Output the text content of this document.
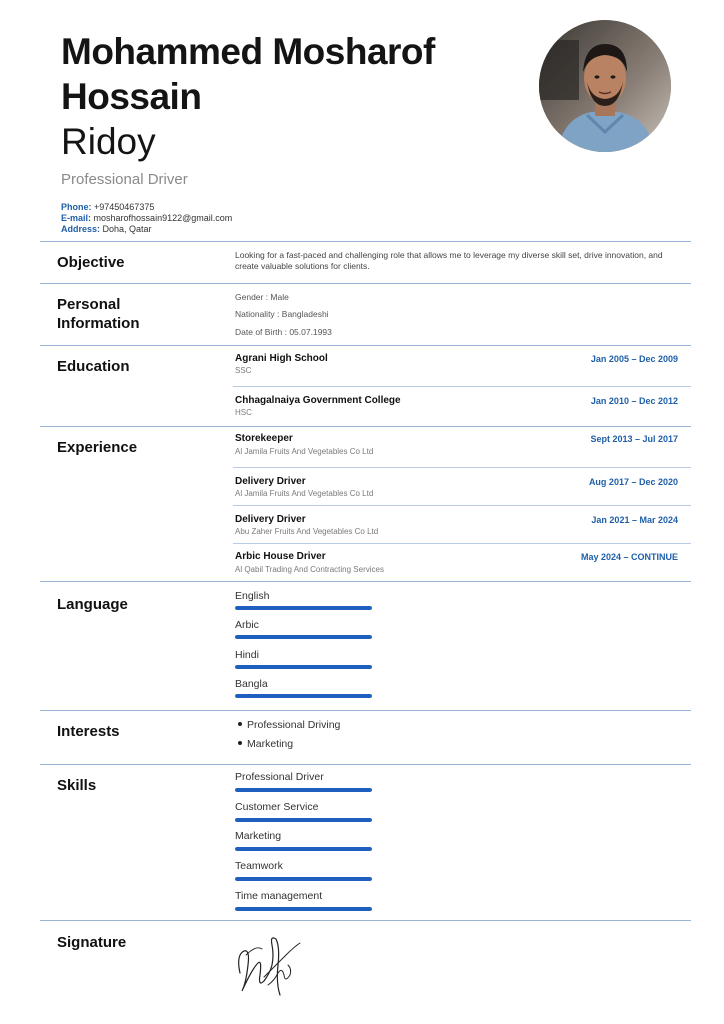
Mohammed Mosharof
Hossain
Ridoy
Professional Driver
Phone: +97450467375
E-mail: mosharofhossain9122@gmail.com
Address: Doha, Qatar
Objective	Looking for a fast-paced and challenging role that allows me to leverage my diverse skill set, drive innovation, and create valuable solutions for clients.
Personal Information
Gender : Male
Nationality : Bangladeshi
Date of Birth : 05.07.1993
Education	Agrani High School
SSC
Jan 2005 – Dec 2009
Chhagalnaiya Government College
HSC
Jan 2010 – Dec 2012
Experience
Storekeeper
Al Jamila Fruits And Vegetables Co Ltd
Sept 2013 – Jul 2017
Delivery Driver
Al Jamila Fruits And Vegetables Co Ltd
Aug 2017 – Dec 2020
Delivery Driver
Abu Zaher Fruits And Vegetables Co Ltd
Jan 2021 – Mar 2024
Arbic House Driver
Al Qabil Trading And Contracting Services
May 2024 – CONTINUE
Language	English
Arbic
Hindi
Bangla
Interests	Professional Driving
Marketing
Skills	Professional Driver
Customer Service
Marketing
Teamwork
Time management
Signature
